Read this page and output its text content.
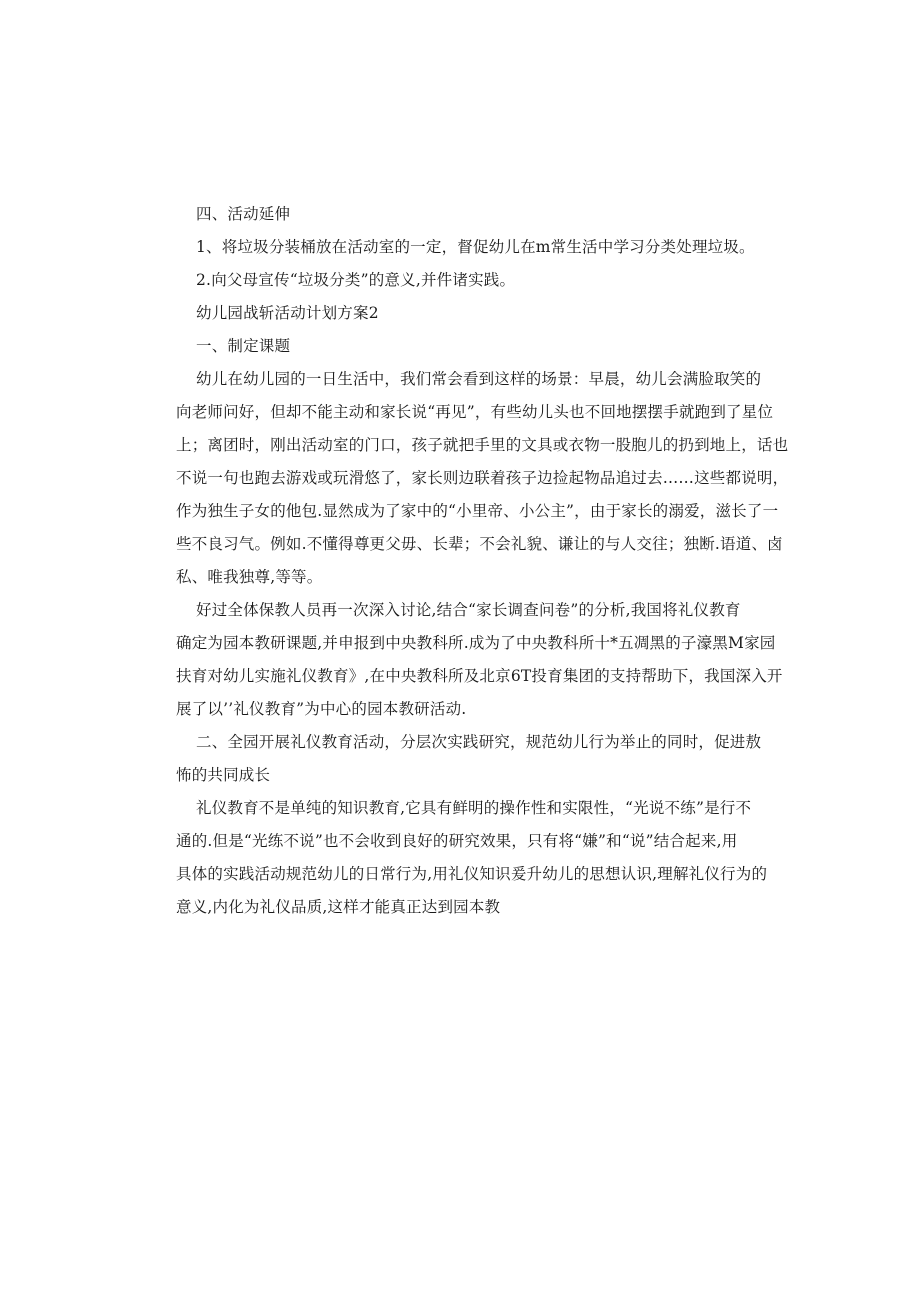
四、活动延伸
1、将垃圾分装桶放在活动室的一定，督促幼儿在m常生活中学习分类处理垃圾。
2.向父母宣传“垃圾分类”的意义,并件诸实践。
幼儿园战斩活动计划方案2
一、制定课题
幼儿在幼儿园的一日生活中，我们常会看到这样的场景：早晨，幼儿会满脸取笑的
向老师问好，但却不能主动和家长说“再见”，有些幼儿头也不回地摆摆手就跑到了星位
上；离团时，刚出活动室的门口，孩子就把手里的文具或衣物一股胞儿的扔到地上，话也
不说一句也跑去游戏或玩滑悠了，家长则边联着孩子边捡起物品追过去……这些都说明，
作为独生子女的他包.显然成为了家中的“小里帝、小公主”，由于家长的溺爱，滋长了一
些不良习气。例如.不懂得尊更父毋、长辈；不会礼貌、谦让的与人交往；独断.语道、卤
私、唯我独尊,等等。
好过全体保教人员再一次深入讨论,结合“家长调查问卷”的分析,我国将礼仪教育
确定为园本教研课题,并申报到中央教科所.成为了中央教科所十*五凋黑的子濠黑M家园
扶育对幼儿实施礼仪教育》,在中央教科所及北京6T投育集团的支持帮助下，我国深入开
展了以’’礼仪教育”为中心的园本教研活动.
二、全园开展礼仪教育活动，分层次实践研究，规范幼儿行为举止的同时，促进敖
怖的共同成长
礼仪教育不是单纯的知识教育,它具有鲜明的操作性和实限性，“光说不练”是行不
通的.但是“光练不说”也不会收到良好的研究效果，只有将“嫌”和“说”结合起来,用
具体的实践活动规范幼儿的日常行为,用礼仪知识爰升幼儿的思想认识,理解礼仪行为的
意义,内化为礼仪品质,这样才能真正达到园本教
